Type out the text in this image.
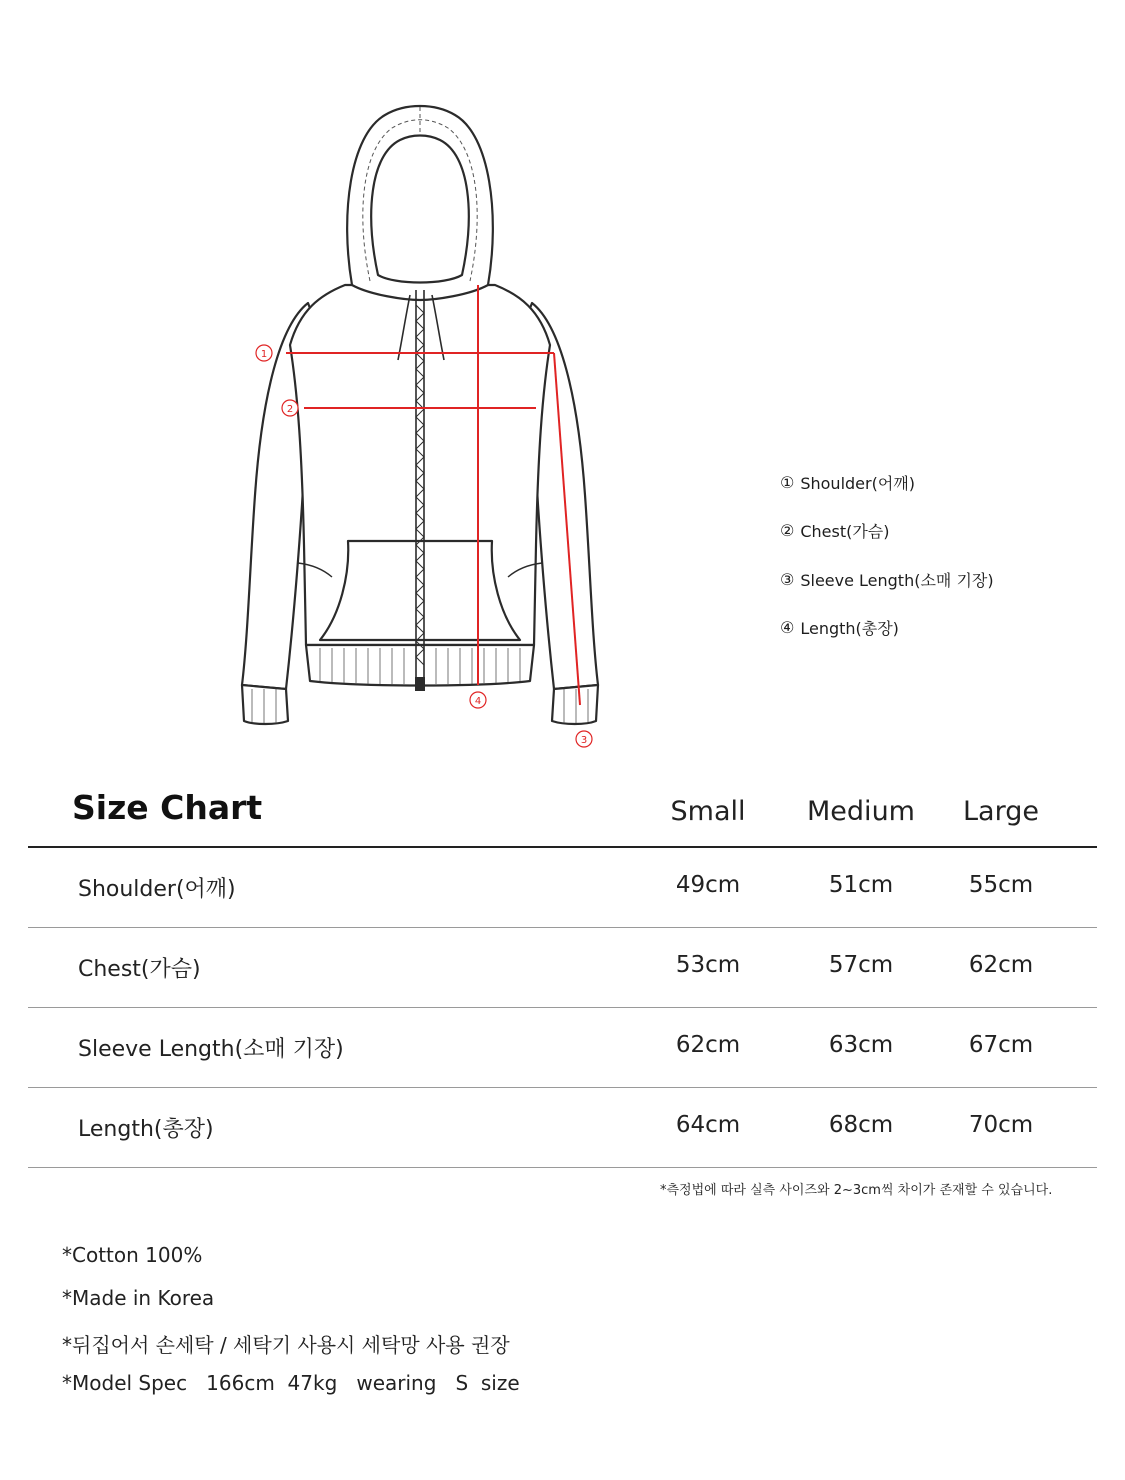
1
2
3
4
① Shoulder(어깨)
② Chest(가슴)
③ Sleeve Length(소매 기장)
④ Length(총장)
Size Chart	Small	Medium	Large
Shoulder(어깨)	49cm	51cm	55cm
Chest(가슴)	53cm	57cm	62cm
Sleeve Length(소매 기장)	62cm	63cm	67cm
Length(총장)	64cm	68cm	70cm
*측정법에 따라 실측 사이즈와 2~3cm씩 차이가 존재할 수 있습니다.
*Cotton 100%
*Made in Korea
*뒤집어서 손세탁 / 세탁기 사용시 세탁망 사용 권장
*Model Spec   166cm  47kg   wearing   S  size
